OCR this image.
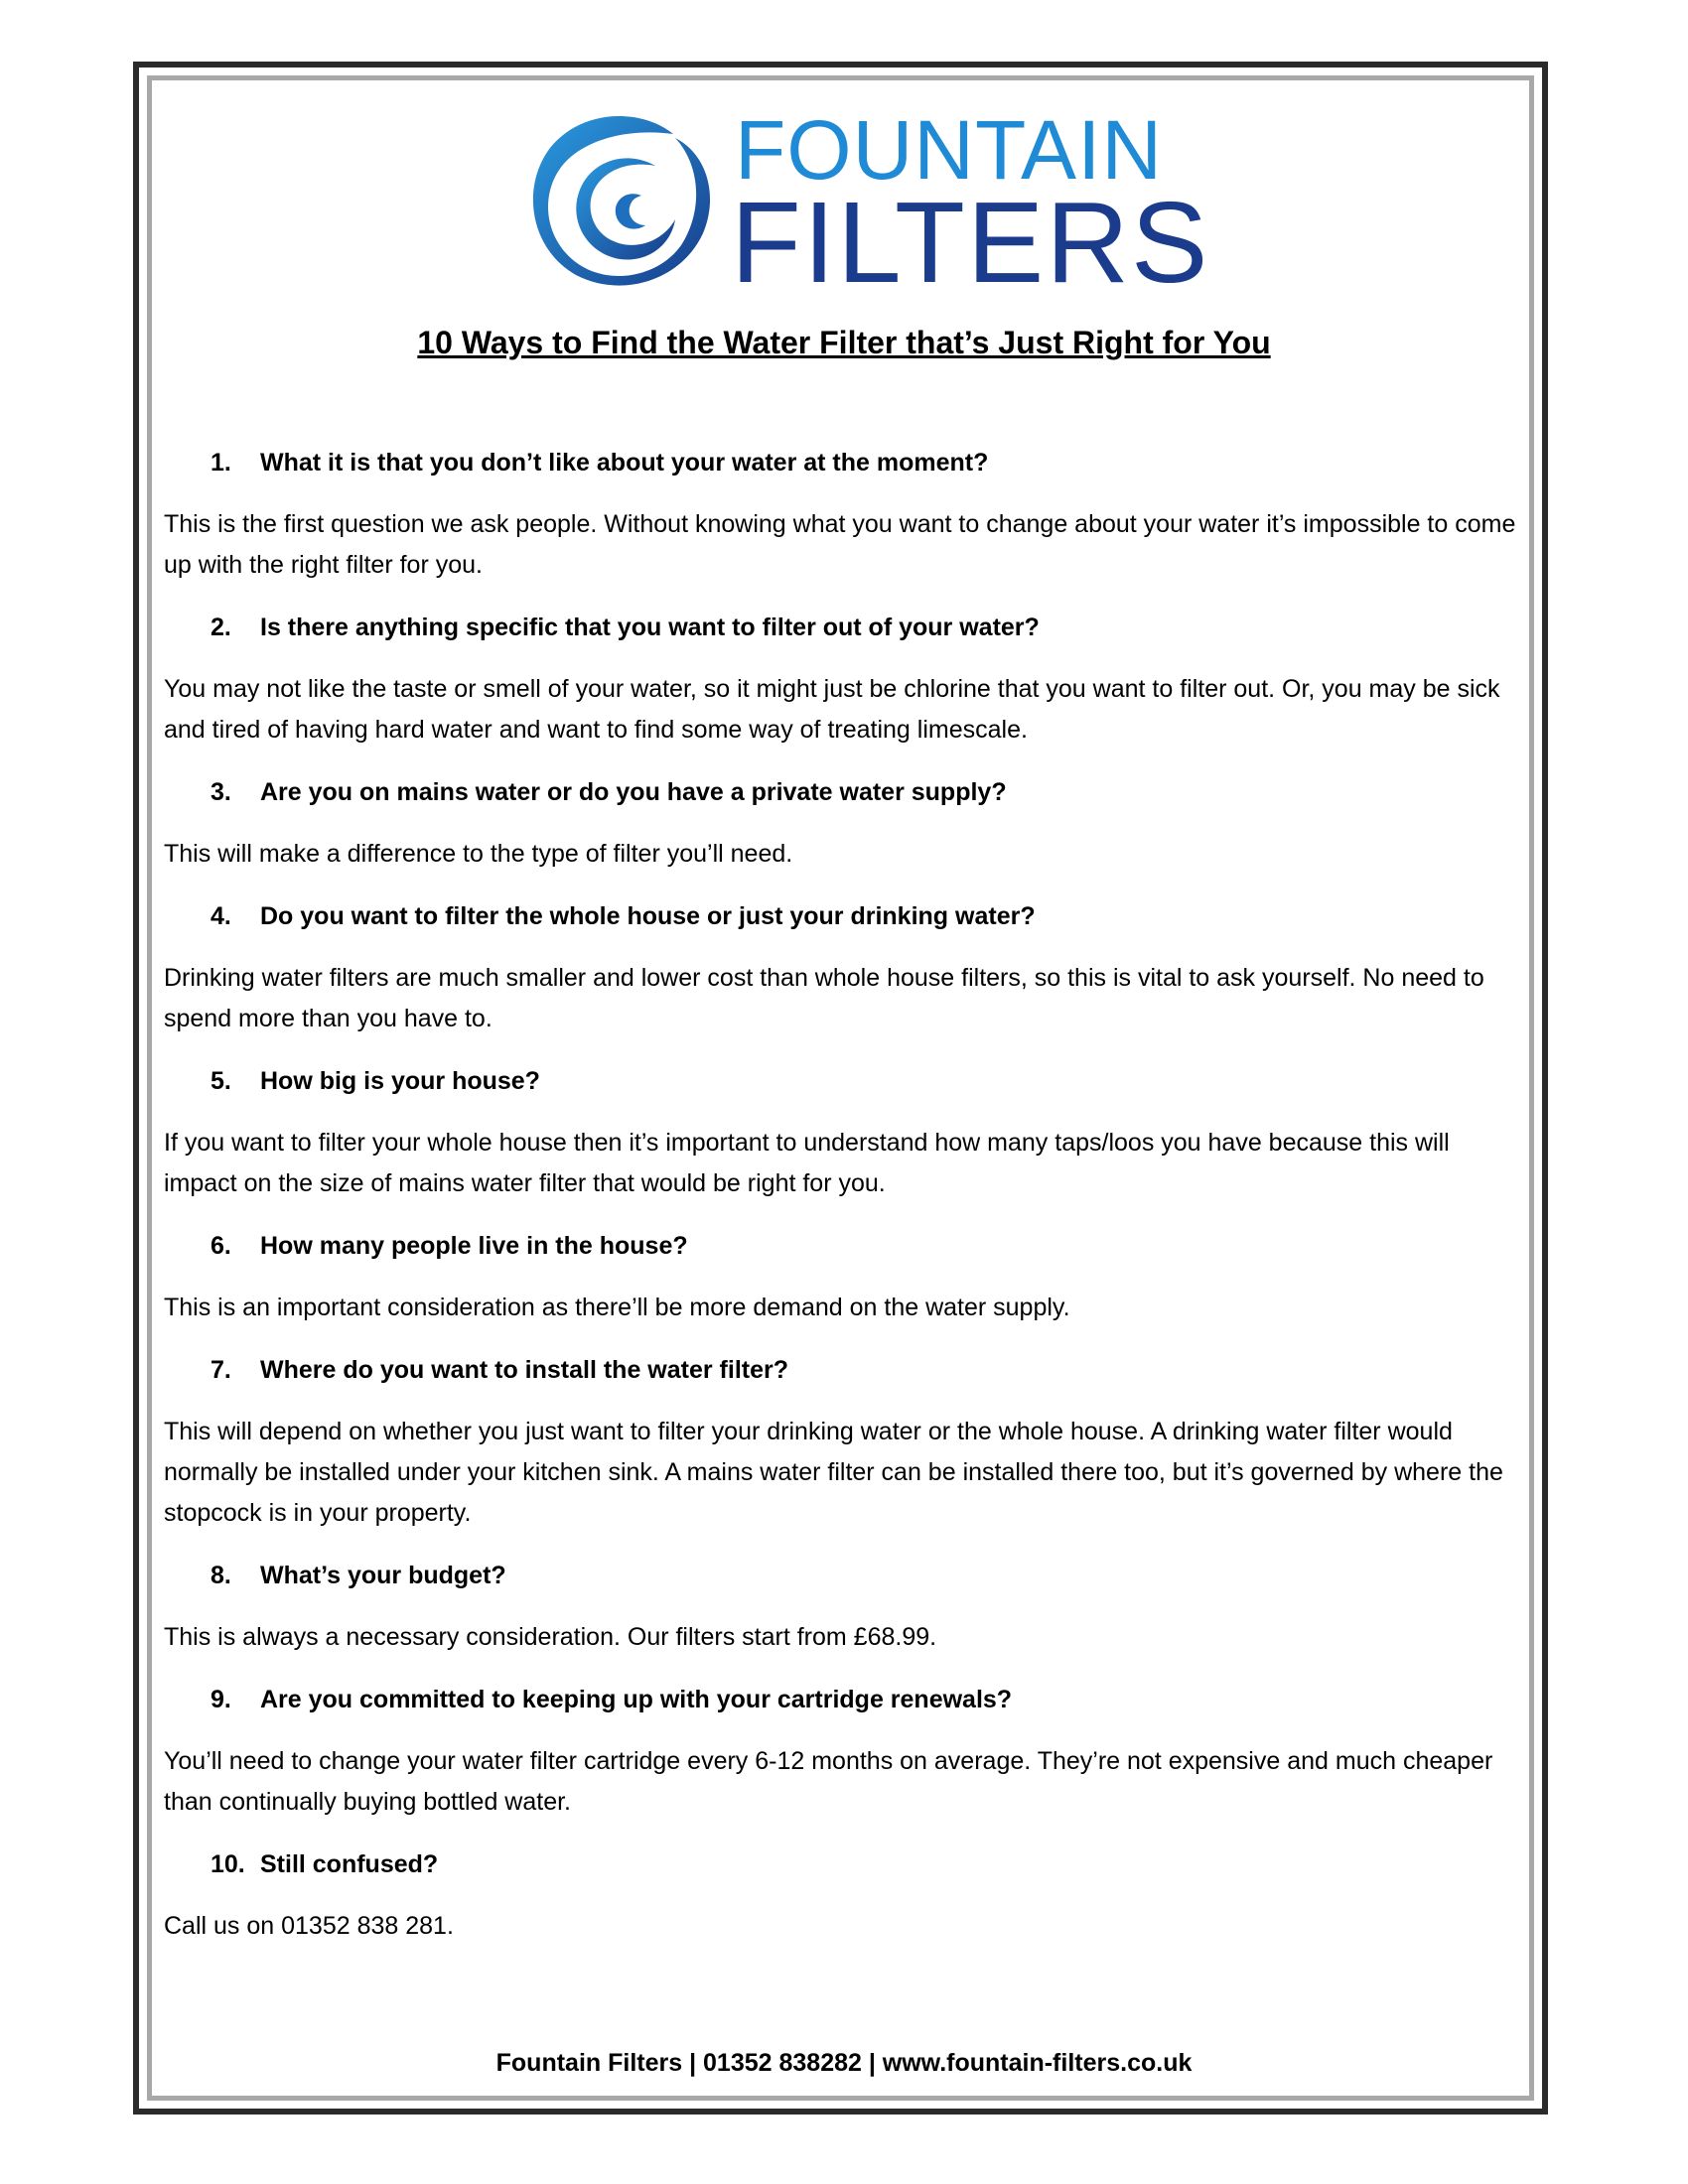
FOUNTAIN
FILTERS
10 Ways to Find the Water Filter that’s Just Right for You
1.	What it is that you don’t like about your water at the moment?

This is the first question we ask people. Without knowing what you want to change about your water it’s impossible to come up with the right filter for you.

2.	Is there anything specific that you want to filter out of your water?

You may not like the taste or smell of your water, so it might just be chlorine that you want to filter out. Or, you may be sick and tired of having hard water and want to find some way of treating limescale.

3.	Are you on mains water or do you have a private water supply?

This will make a difference to the type of filter you’ll need.

4.	Do you want to filter the whole house or just your drinking water?

Drinking water filters are much smaller and lower cost than whole house filters, so this is vital to ask yourself. No need to spend more than you have to.

5.	How big is your house?

If you want to filter your whole house then it’s important to understand how many taps/loos you have because this will impact on the size of mains water filter that would be right for you.

6.	How many people live in the house?

This is an important consideration as there’ll be more demand on the water supply.

7.	Where do you want to install the water filter?

This will depend on whether you just want to filter your drinking water or the whole house. A drinking water filter would normally be installed under your kitchen sink. A mains water filter can be installed there too, but it’s governed by where the stopcock is in your property.

8.	What’s your budget?

This is always a necessary consideration. Our filters start from £68.99.

9.	Are you committed to keeping up with your cartridge renewals?

You’ll need to change your water filter cartridge every 6-12 months on average. They’re not expensive and much cheaper than continually buying bottled water.

10. Still confused?

Call us on 01352 838 281.

Fountain Filters | 01352 838282 | www.fountain-filters.co.uk
